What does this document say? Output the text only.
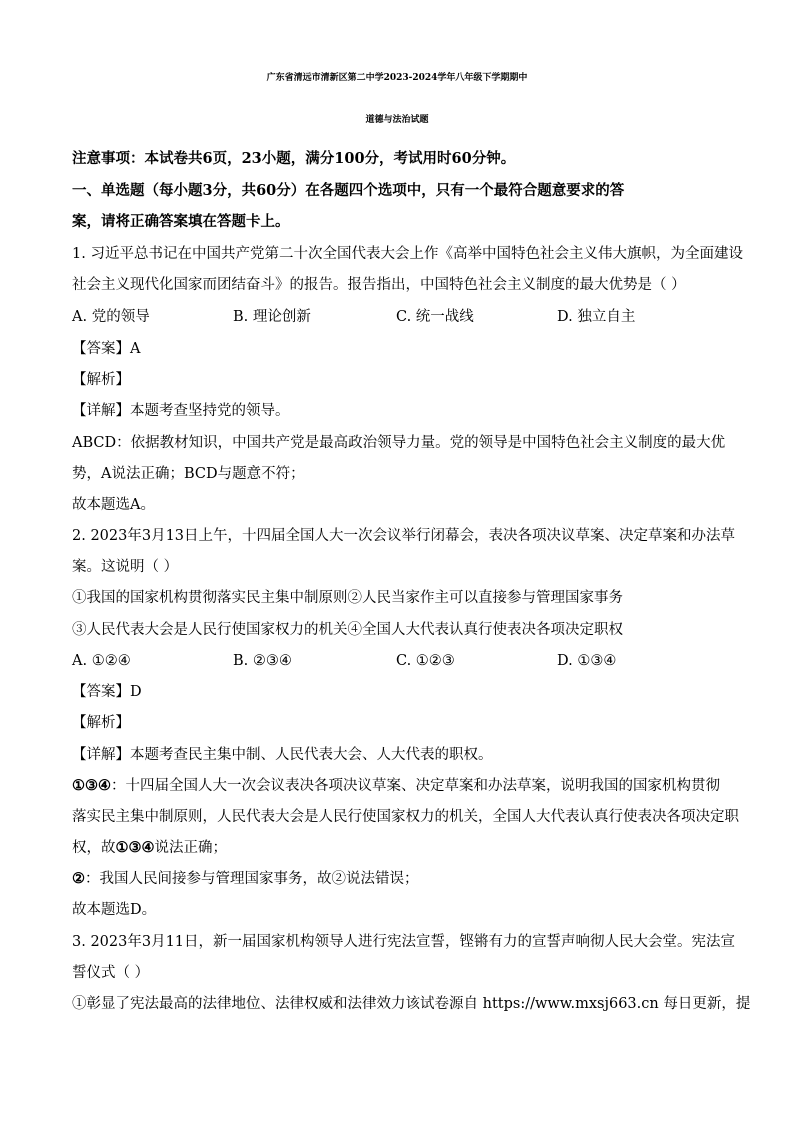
广东省清远市清新区第二中学2023-2024学年八年级下学期期中
道德与法治试题
注意事项：本试卷共6页，23小题，满分100分，考试用时60分钟。
一、单选题（每小题3分，共60分）在各题四个选项中，只有一个最符合题意要求的答
案，请将正确答案填在答题卡上。
1. 习近平总书记在中国共产党第二十次全国代表大会上作《高举中国特色社会主义伟大旗帜，为全面建设
社会主义现代化国家而团结奋斗》的报告。报告指出，中国特色社会主义制度的最大优势是（ ）
A. 党的领导	B. 理论创新	C. 统一战线	D. 独立自主
【答案】A
【解析】
【详解】本题考查坚持党的领导。
ABCD：依据教材知识，中国共产党是最高政治领导力量。党的领导是中国特色社会主义制度的最大优
势，A说法正确；BCD与题意不符；
故本题选A。
2. 2023年3月13日上午，十四届全国人大一次会议举行闭幕会，表决各项决议草案、决定草案和办法草
案。这说明（ ）
①我国的国家机构贯彻落实民主集中制原则②人民当家作主可以直接参与管理国家事务
③人民代表大会是人民行使国家权力的机关④全国人大代表认真行使表决各项决定职权
A. ①②④	B. ②③④	C. ①②③	D. ①③④
【答案】D
【解析】
【详解】本题考查民主集中制、人民代表大会、人大代表的职权。
①③④：十四届全国人大一次会议表决各项决议草案、决定草案和办法草案，说明我国的国家机构贯彻
落实民主集中制原则，人民代表大会是人民行使国家权力的机关，全国人大代表认真行使表决各项决定职
权，故①③④说法正确；
②：我国人民间接参与管理国家事务，故②说法错误；
故本题选D。
3. 2023年3月11日，新一届国家机构领导人进行宪法宣誓，铿锵有力的宣誓声响彻人民大会堂。宪法宣
誓仪式（ ）
①彰显了宪法最高的法律地位、法律权威和法律效力该试卷源自 https://www.mxsj663.cn 每日更新，提
